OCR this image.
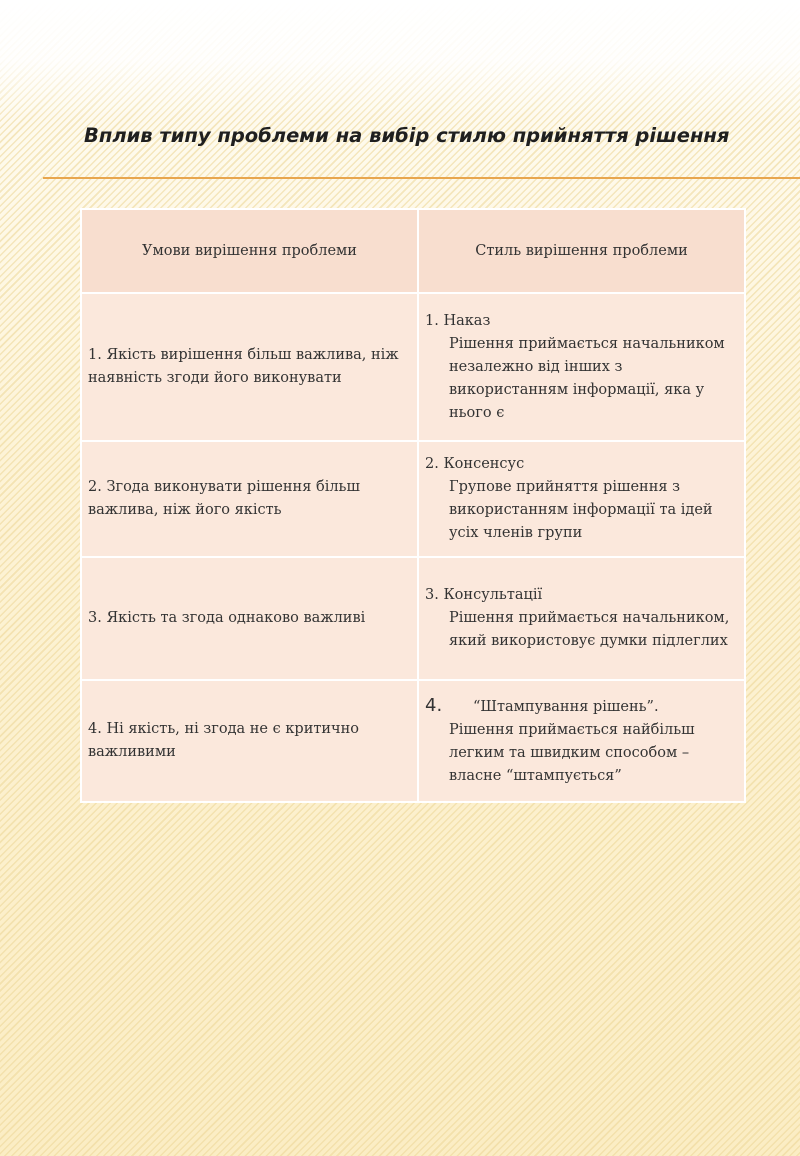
Вплив типу проблеми на вибір стилю прийняття рішення
Умови вирішення проблеми	Стиль вирішення проблеми
1. Якість вирішення більш важлива, ніж наявність згоди його виконувати	1. Наказ
Рішення приймається начальником незалежно від інших з використанням інформації, яка у нього є

2. Згода виконувати рішення більш важлива, ніж його якість	2. Консенсус
Групове прийняття рішення з використанням інформації та ідей усіх членів групи

3. Якість та згода однаково важливі	3. Консультації
Рішення приймається начальником, який використовує думки підлеглих

4. Ні якість, ні згода не є критично важливими	4. “Штампування рішень”.
Рішення приймається найбільш легким та швидким способом – власне “штампується”
